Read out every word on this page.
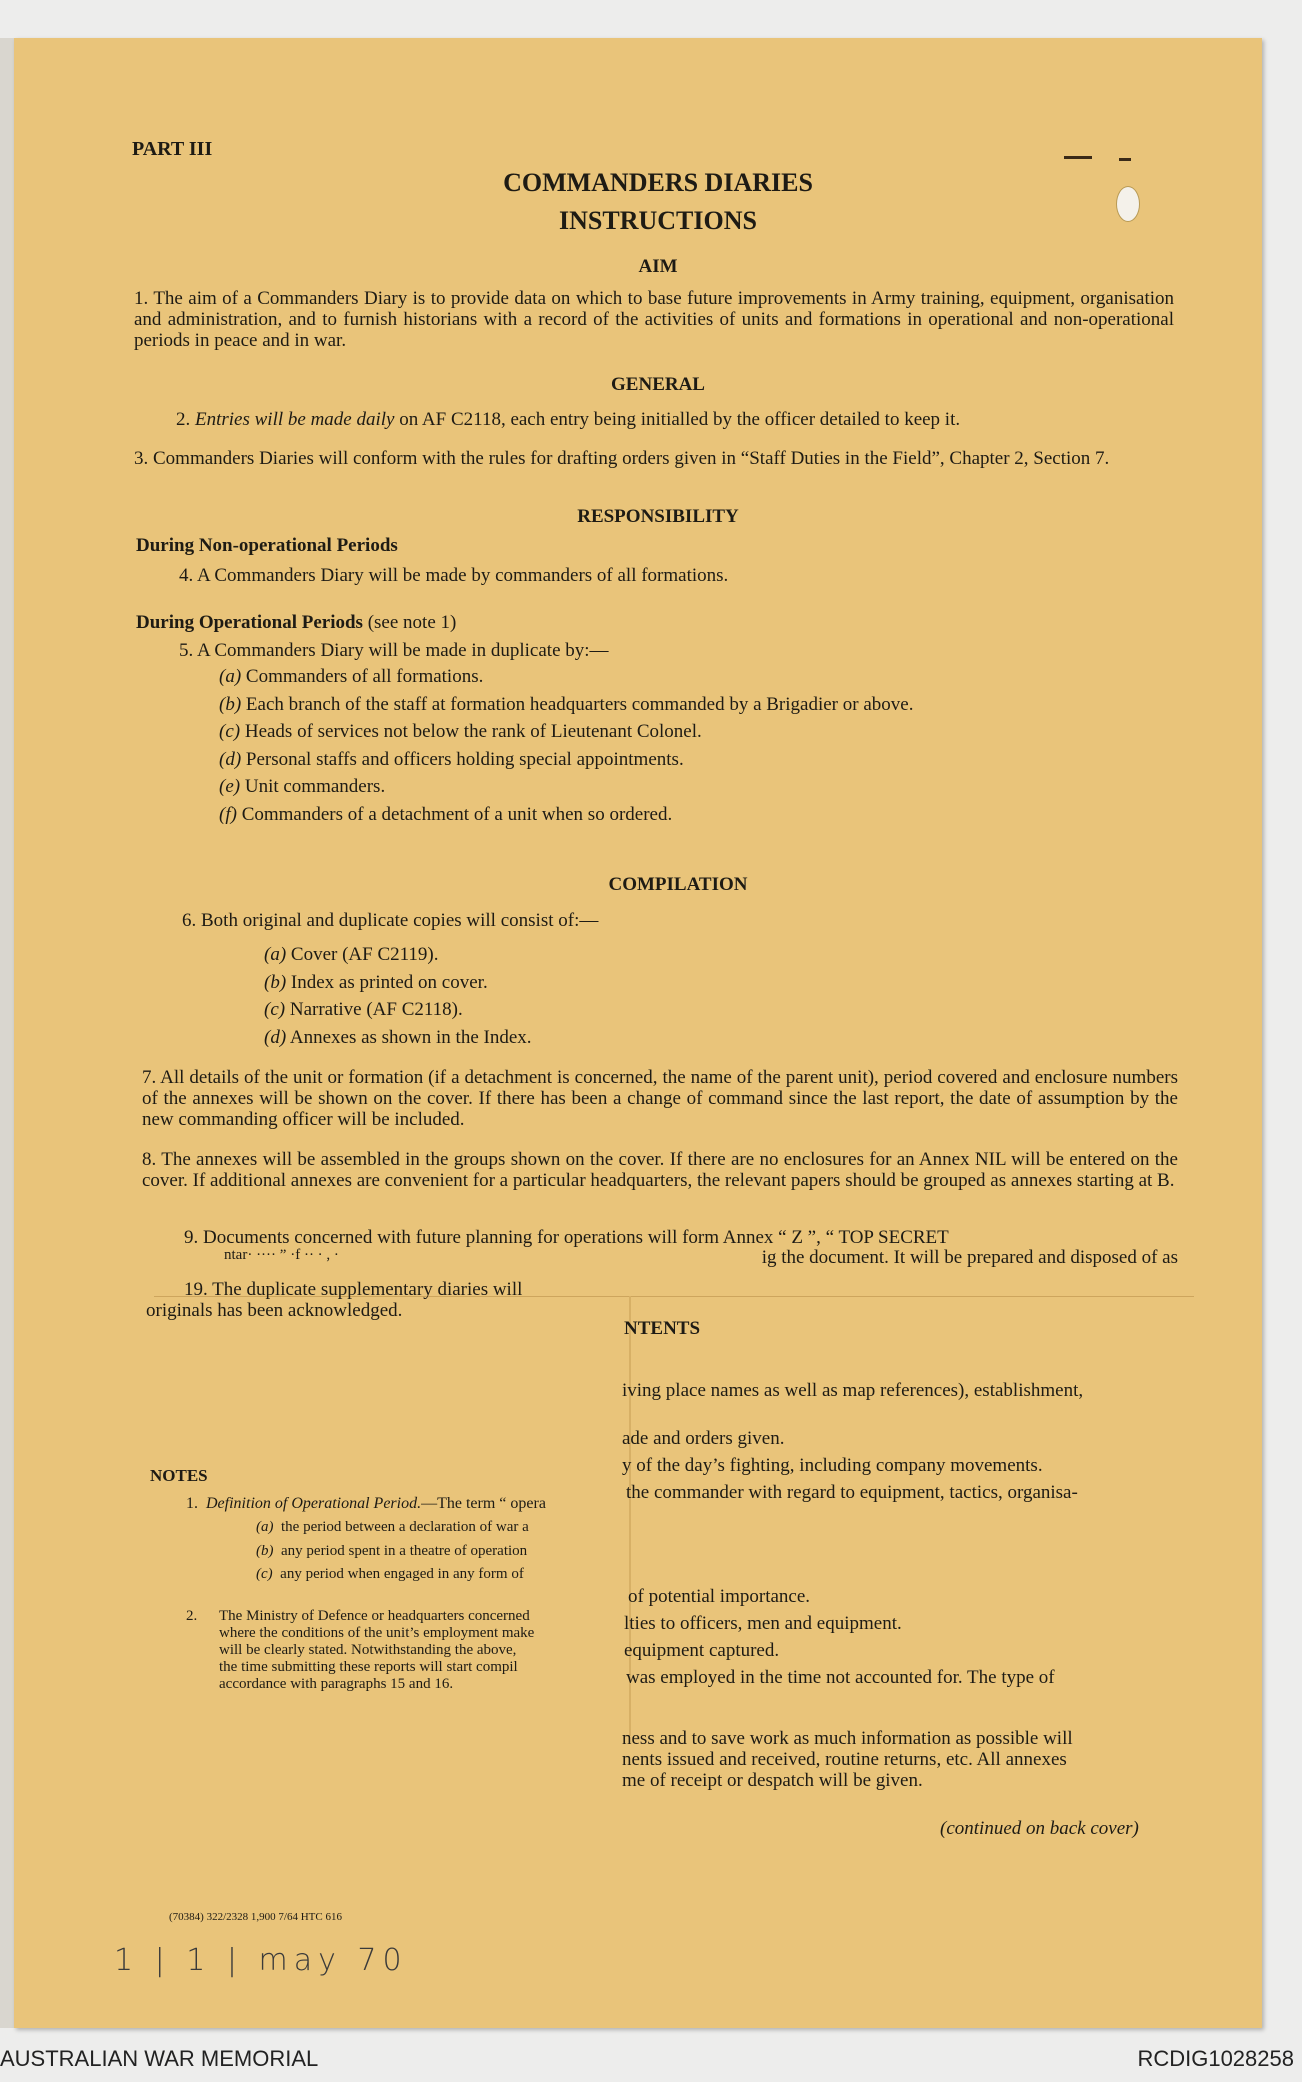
PART III

COMMANDERS DIARIES

INSTRUCTIONS

AIM

1. The aim of a Commanders Diary is to provide data on which to base future improvements in Army training, equipment, organisation and administration, and to furnish historians with a record of the activities of units and formations in operational and non-operational periods in peace and in war.

GENERAL

2. Entries will be made daily on AF C2118, each entry being initialled by the officer detailed to keep it.

3. Commanders Diaries will conform with the rules for drafting orders given in “Staff Duties in the Field”, Chapter 2, Section 7.

RESPONSIBILITY

During Non-operational Periods

4. A Commanders Diary will be made by commanders of all formations.

During Operational Periods (see note 1)

5. A Commanders Diary will be made in duplicate by:—

(a) Commanders of all formations.
(b) Each branch of the staff at formation headquarters commanded by a Brigadier or above.
(c) Heads of services not below the rank of Lieutenant Colonel.
(d) Personal staffs and officers holding special appointments.
(e) Unit commanders.
(f) Commanders of a detachment of a unit when so ordered.

COMPILATION

6. Both original and duplicate copies will consist of:—

(a) Cover (AF C2119).
(b) Index as printed on cover.
(c) Narrative (AF C2118).
(d) Annexes as shown in the Index.

7. All details of the unit or formation (if a detachment is concerned, the name of the parent unit), period covered and enclosure numbers of the annexes will be shown on the cover. If there has been a change of command since the last report, the date of assumption by the new commanding officer will be included.

8. The annexes will be assembled in the groups shown on the cover. If there are no enclosures for an Annex NIL will be entered on the cover. If additional annexes are convenient for a particular headquarters, the relevant papers should be grouped as annexes starting at B.

9. Documents concerned with future planning for operations will form Annex “ Z ”, “ TOP SECRET

ntar· ···· ” ·f ·· · , ·	ig the document. It will be prepared and disposed of as

19. The duplicate supplementary diaries will

originals has been acknowledged.

NTENTS

iving place names as well as map references), establishment,

ade and orders given.

y of the day’s fighting, including company movements.

the commander with regard to equipment, tactics, organisa-

of potential importance.

lties to officers, men and equipment.

equipment captured.

was employed in the time not accounted for. The type of

ness and to save work as much information as possible will

nents issued and received, routine returns, etc. All annexes

me of receipt or despatch will be given.

(continued on back cover)

NOTES

1. Definition of Operational Period.—The term “ opera

(a) the period between a declaration of war a
(b) any period spent in a theatre of operation
(c) any period when engaged in any form of

2. The Ministry of Defence or headquarters concerned
where the conditions of the unit’s employment make
will be clearly stated. Notwithstanding the above,
the time submitting these reports will start compil
accordance with paragraphs 15 and 16.

(70384) 322/2328 1,900 7/64 HTC 616

1 | 1 | may 70

AUSTRALIAN WAR MEMORIAL	RCDIG1028258
